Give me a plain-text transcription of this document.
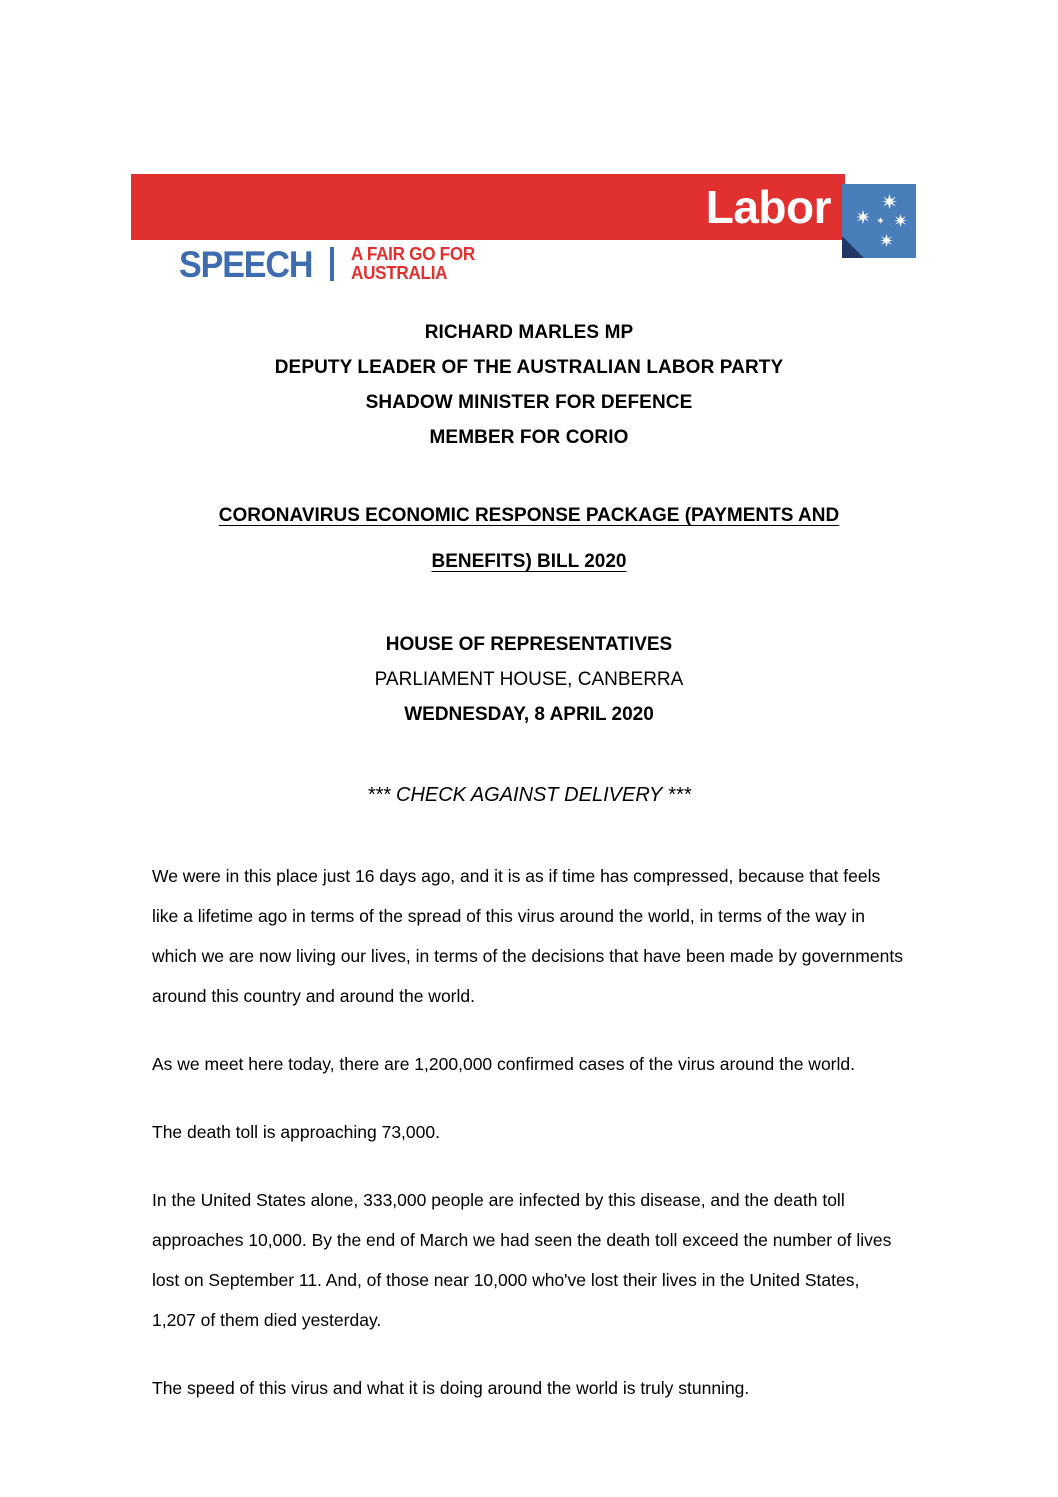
Labor
SPEECH A FAIR GO FOR
AUSTRALIA
RICHARD MARLES MP
DEPUTY LEADER OF THE AUSTRALIAN LABOR PARTY
SHADOW MINISTER FOR DEFENCE
MEMBER FOR CORIO
CORONAVIRUS ECONOMIC RESPONSE PACKAGE (PAYMENTS AND
BENEFITS) BILL 2020
HOUSE OF REPRESENTATIVES
PARLIAMENT HOUSE, CANBERRA
WEDNESDAY, 8 APRIL 2020
*** CHECK AGAINST DELIVERY ***

We were in this place just 16 days ago, and it is as if time has compressed, because that feels like a lifetime ago in terms of the spread of this virus around the world, in terms of the way in which we are now living our lives, in terms of the decisions that have been made by governments around this country and around the world.

As we meet here today, there are 1,200,000 confirmed cases of the virus around the world.

The death toll is approaching 73,000.

In the United States alone, 333,000 people are infected by this disease, and the death toll approaches 10,000. By the end of March we had seen the death toll exceed the number of lives lost on September 11. And, of those near 10,000 who've lost their lives in the United States, 1,207 of them died yesterday.

The speed of this virus and what it is doing around the world is truly stunning.
